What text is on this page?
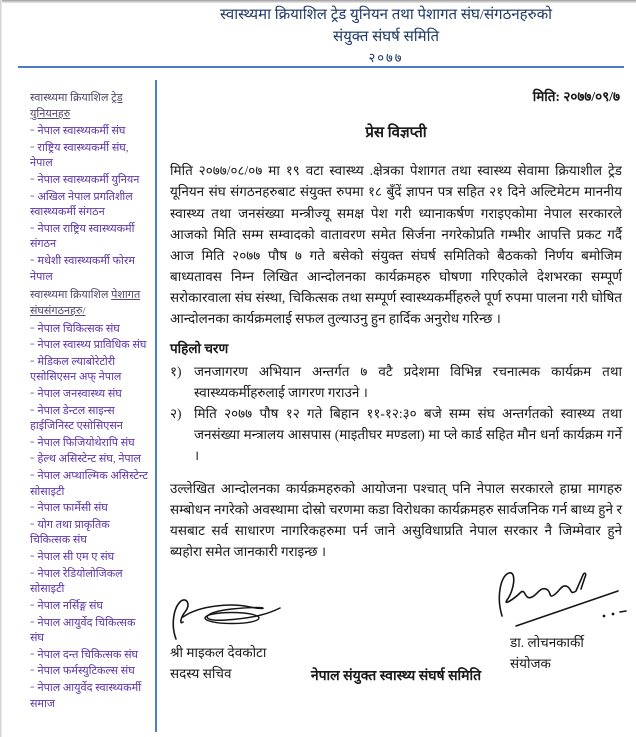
स्वास्थ्यमा क्रियाशिल ट्रेड युनियन तथा पेशागत संघ/संगठनहरुको
संयुक्त संघर्ष समिति
२०७७
स्वास्थ्यमा क्रियाशिल ट्रेड
युनियनहरु
= नेपाल स्वास्थ्यकर्मी संघ
= राष्ट्रिय स्वास्थ्यकर्मी संघ, नेपाल
= नेपाल स्वास्थ्यकर्मी युनियन
= अखिल नेपाल प्रगतिशील स्वास्थ्यकर्मी संगठन
= नेपाल राष्ट्रिय स्वास्थ्यकर्मी संगठन
= मधेशी स्वास्थ्यकर्मी फोरम नेपाल
स्वास्थ्यमा क्रियाशिल पेशागत
संघसंगठनहरु/
= नेपाल चिकित्सक संघ
= नेपाल स्वास्थ्य प्राविधिक संघ
= मेडिकल ल्याबोरेटोरी एसोसिएसन अफ् नेपाल
= नेपाल जनस्वास्थ्य संघ
= नेपाल डेन्टल साइन्स हाईजिनिस्ट एसोसिएसन
= नेपाल फिजियोथेरापि संघ
= हेल्थ असिस्टेन्ट संघ, नेपाल
= नेपाल अप्थाल्मिक असिस्टेन्ट सोसाइटी
= नेपाल फार्मेसी संघ
= योग तथा प्राकृतिक चिकित्सक संघ
= नेपाल सी एम ए संघ
= नेपाल रेडियोलोजिकल सोसाइटी
= नेपाल नर्सिङ्ग संघ
= नेपाल आयुर्वेद चिकित्सक संघ
= नेपाल दन्त चिकित्सक संघ
= नेपाल फर्मस्युटिकल्स संघ
= नेपाल आयुर्वेद स्वास्थ्यकर्मी समाज
मिति: २०७७/०९/७
प्रेस विज्ञप्ती
मिति २०७७/०८/०७ मा १९ वटा स्वास्थ्य .क्षेत्रका पेशागत तथा स्वास्थ्य सेवामा क्रियाशील ट्रेड यूनियन संघ संगठनहरुबाट संयुक्त रुपमा १८ बुँदें ज्ञापन पत्र सहित २१ दिने अल्टिमेटम माननीय स्वास्थ्य तथा जनसंख्या मन्त्रीज्यू समक्ष पेश गरी ध्यानाकर्षण गराइएकोमा नेपाल सरकारले आजको मिति सम्म सम्वादको वातावरण समेत सिर्जना नगरेकोप्रति गम्भीर आपत्ति प्रकट गर्दै आज मिति २०७७ पौष ७ गते बसेको संयुक्त संघर्ष समितिको बैठकको निर्णय बमोजिम बाध्यतावस निम्न लिखित आन्दोलनका कार्यक्रमहरु घोषणा गरिएकोले देशभरका सम्पूर्ण सरोकारवाला संघ संस्था, चिकित्सक तथा सम्पूर्ण स्वास्थ्यकर्मीहरुले पूर्ण रुपमा पालना गरी घोषित आन्दोलनका कार्यक्रमलाई सफल तुल्याउनु हुन हार्दिक अनुरोध गरिन्छ ।
पहिलो चरण
१) जनजागरण अभियान अन्तर्गत ७ वटै प्रदेशमा विभिन्न रचनात्मक कार्यक्रम तथा स्वास्थ्यकर्मीहरुलाई जागरण गराउने ।
२) मिति २०७७ पौष १२ गते बिहान ११-१२:३० बजे सम्म संघ अन्तर्गतको स्वास्थ्य तथा जनसंख्या मन्त्रालय आसपास (माइतीघर मण्डला) मा प्ले कार्ड सहित मौन धर्ना कार्यक्रम गर्ने ।
उल्लेखित आन्दोलनका कार्यक्रमहरुको आयोजना पश्चात् पनि नेपाल सरकारले हाम्रा मागहरु सम्बोधन नगरेको अवस्थामा दोस्रो चरणमा कडा विरोधका कार्यक्रमहरु सार्वजनिक गर्न बाध्य हुने र यसबाट सर्व साधारण नागरिकहरुमा पर्न जाने असुविधाप्रति नेपाल सरकार नै जिम्मेवार हुने ब्यहोरा समेत जानकारी गराइन्छ ।
श्री माइकल देवकोटा
सदस्य सचिव
डा. लोचनकार्की
संयोजक
नेपाल संयुक्त स्वास्थ्य संघर्ष समिति
